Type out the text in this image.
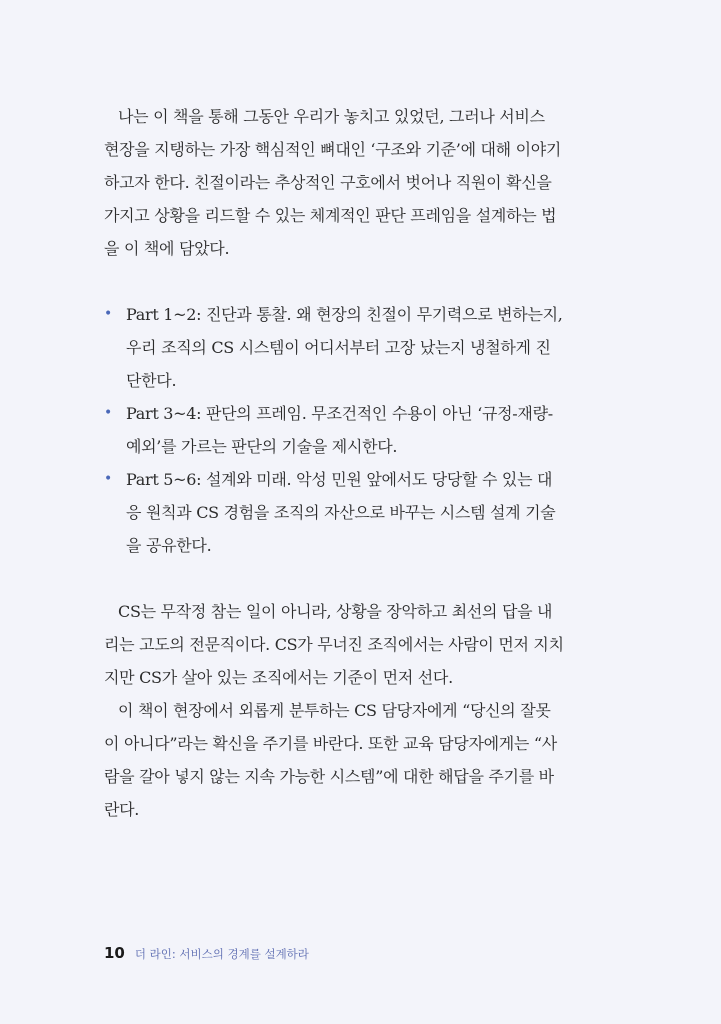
나는 이 책을 통해 그동안 우리가 놓치고 있었던, 그러나 서비스

현장을 지탱하는 가장 핵심적인 뼈대인 ‘구조와 기준’에 대해 이야기

하고자 한다. 친절이라는 추상적인 구호에서 벗어나 직원이 확신을

가지고 상황을 리드할 수 있는 체계적인 판단 프레임을 설계하는 법

을 이 책에 담았다.

• Part 1~2: 진단과 통찰. 왜 현장의 친절이 무기력으로 변하는지,

우리 조직의 CS 시스템이 어디서부터 고장 났는지 냉철하게 진

단한다.

• Part 3~4: 판단의 프레임. 무조건적인 수용이 아닌 ‘규정-재량-

예외’를 가르는 판단의 기술을 제시한다.

• Part 5~6: 설계와 미래. 악성 민원 앞에서도 당당할 수 있는 대

응 원칙과 CS 경험을 조직의 자산으로 바꾸는 시스템 설계 기술

을 공유한다.

CS는 무작정 참는 일이 아니라, 상황을 장악하고 최선의 답을 내

리는 고도의 전문직이다. CS가 무너진 조직에서는 사람이 먼저 지치

지만 CS가 살아 있는 조직에서는 기준이 먼저 선다.

이 책이 현장에서 외롭게 분투하는 CS 담당자에게 “당신의 잘못

이 아니다”라는 확신을 주기를 바란다. 또한 교육 담당자에게는 “사

람을 갈아 넣지 않는 지속 가능한 시스템”에 대한 해답을 주기를 바

란다.

10 더 라인: 서비스의 경계를 설계하라
